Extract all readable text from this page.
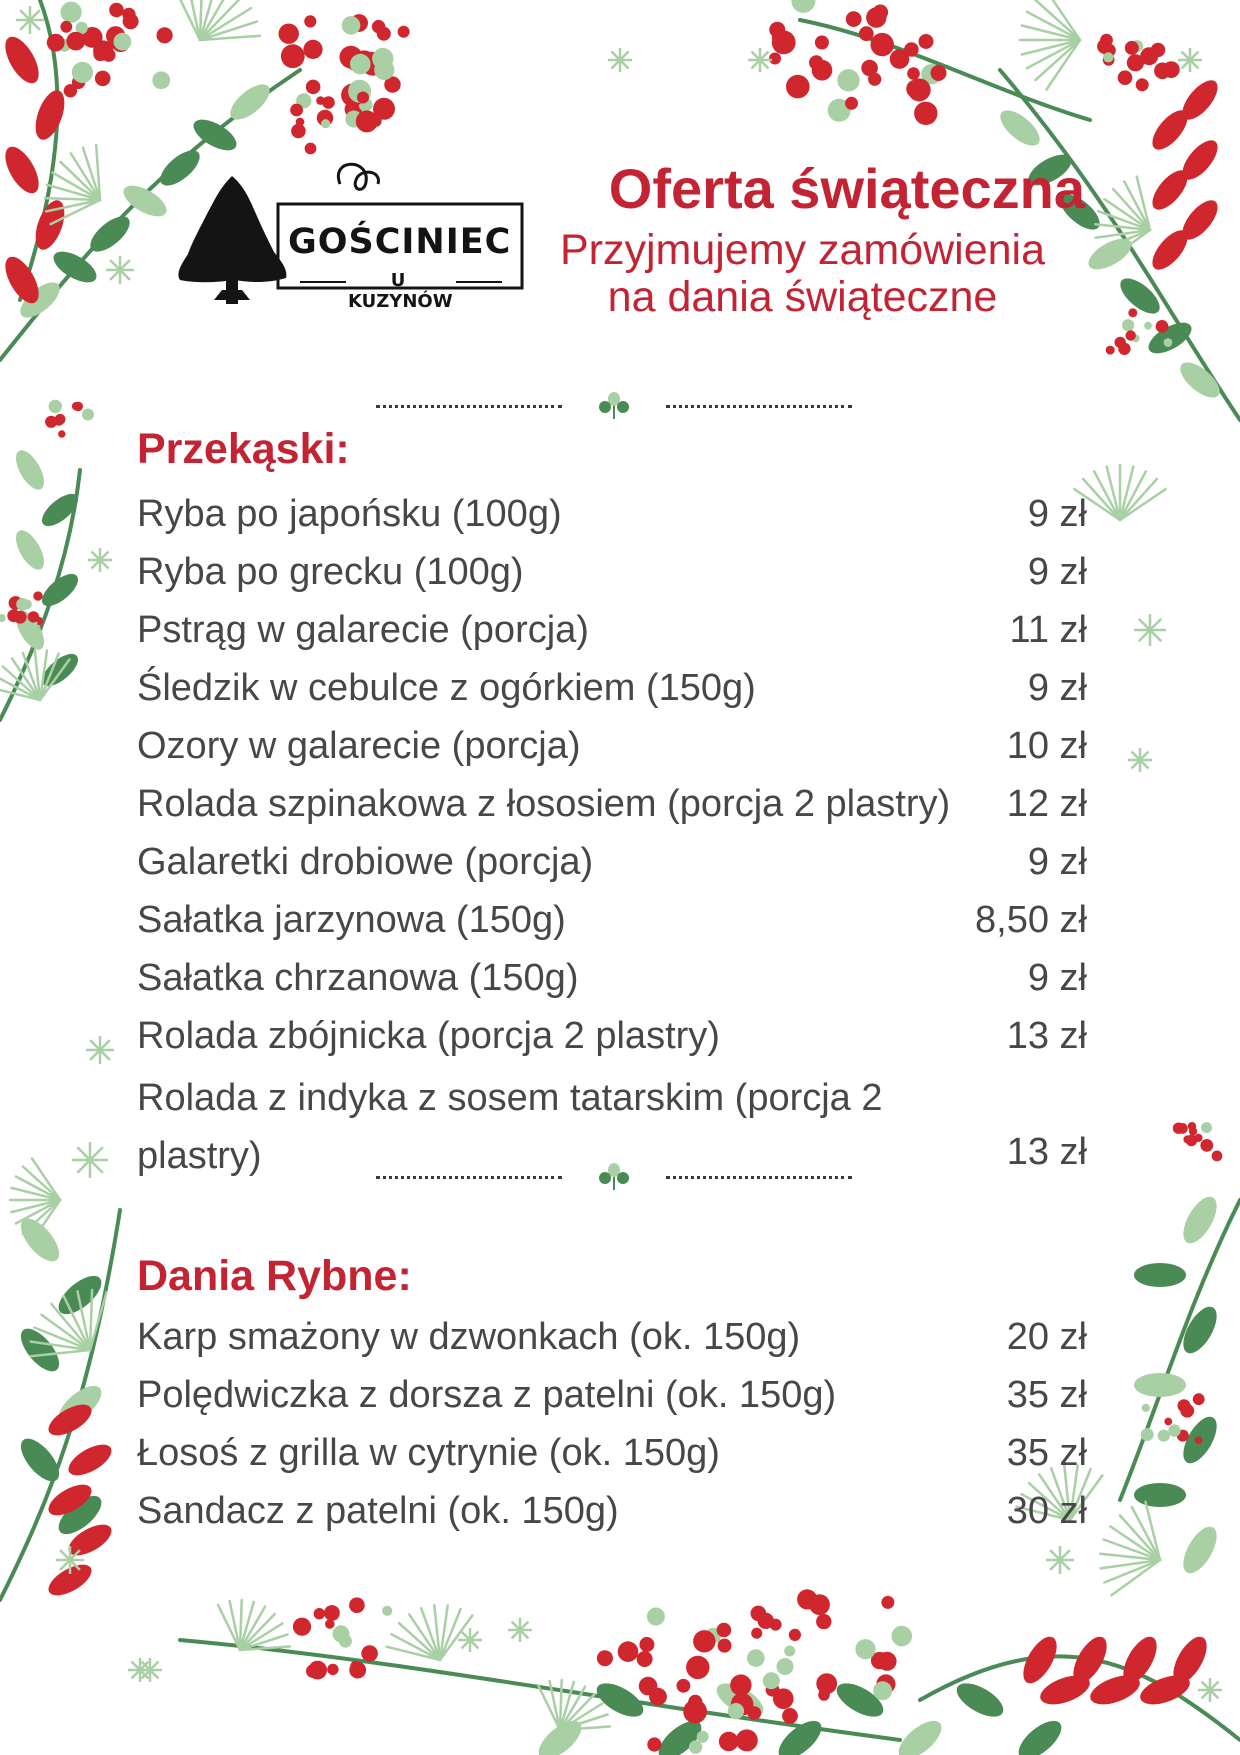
GOŚCINIEC
U KUZYNÓW
Oferta świąteczna
Przyjmujemy zamówienia
na dania świąteczne
Przekąski:
Ryba po japońsku (100g)	9 zł
Ryba po grecku (100g)	9 zł
Pstrąg w galarecie (porcja)	11 zł
Śledzik w cebulce z ogórkiem (150g)	9 zł
Ozory w galarecie (porcja)	10 zł
Rolada szpinakowa z łososiem (porcja 2 plastry) 12 zł
Galaretki drobiowe (porcja)	9 zł
Sałatka jarzynowa (150g)	8,50 zł
Sałatka chrzanowa (150g)	9 zł
Rolada zbójnicka (porcja 2 plastry)	13 zł
Rolada z indyka z sosem tatarskim (porcja 2 plastry)	13 zł
Dania Rybne:
Karp smażony w dzwonkach (ok. 150g)	20 zł
Polędwiczka z dorsza z patelni (ok. 150g)	35 zł
Łosoś z grilla w cytrynie (ok. 150g)	35 zł
Sandacz z patelni (ok. 150g)	30 zł
